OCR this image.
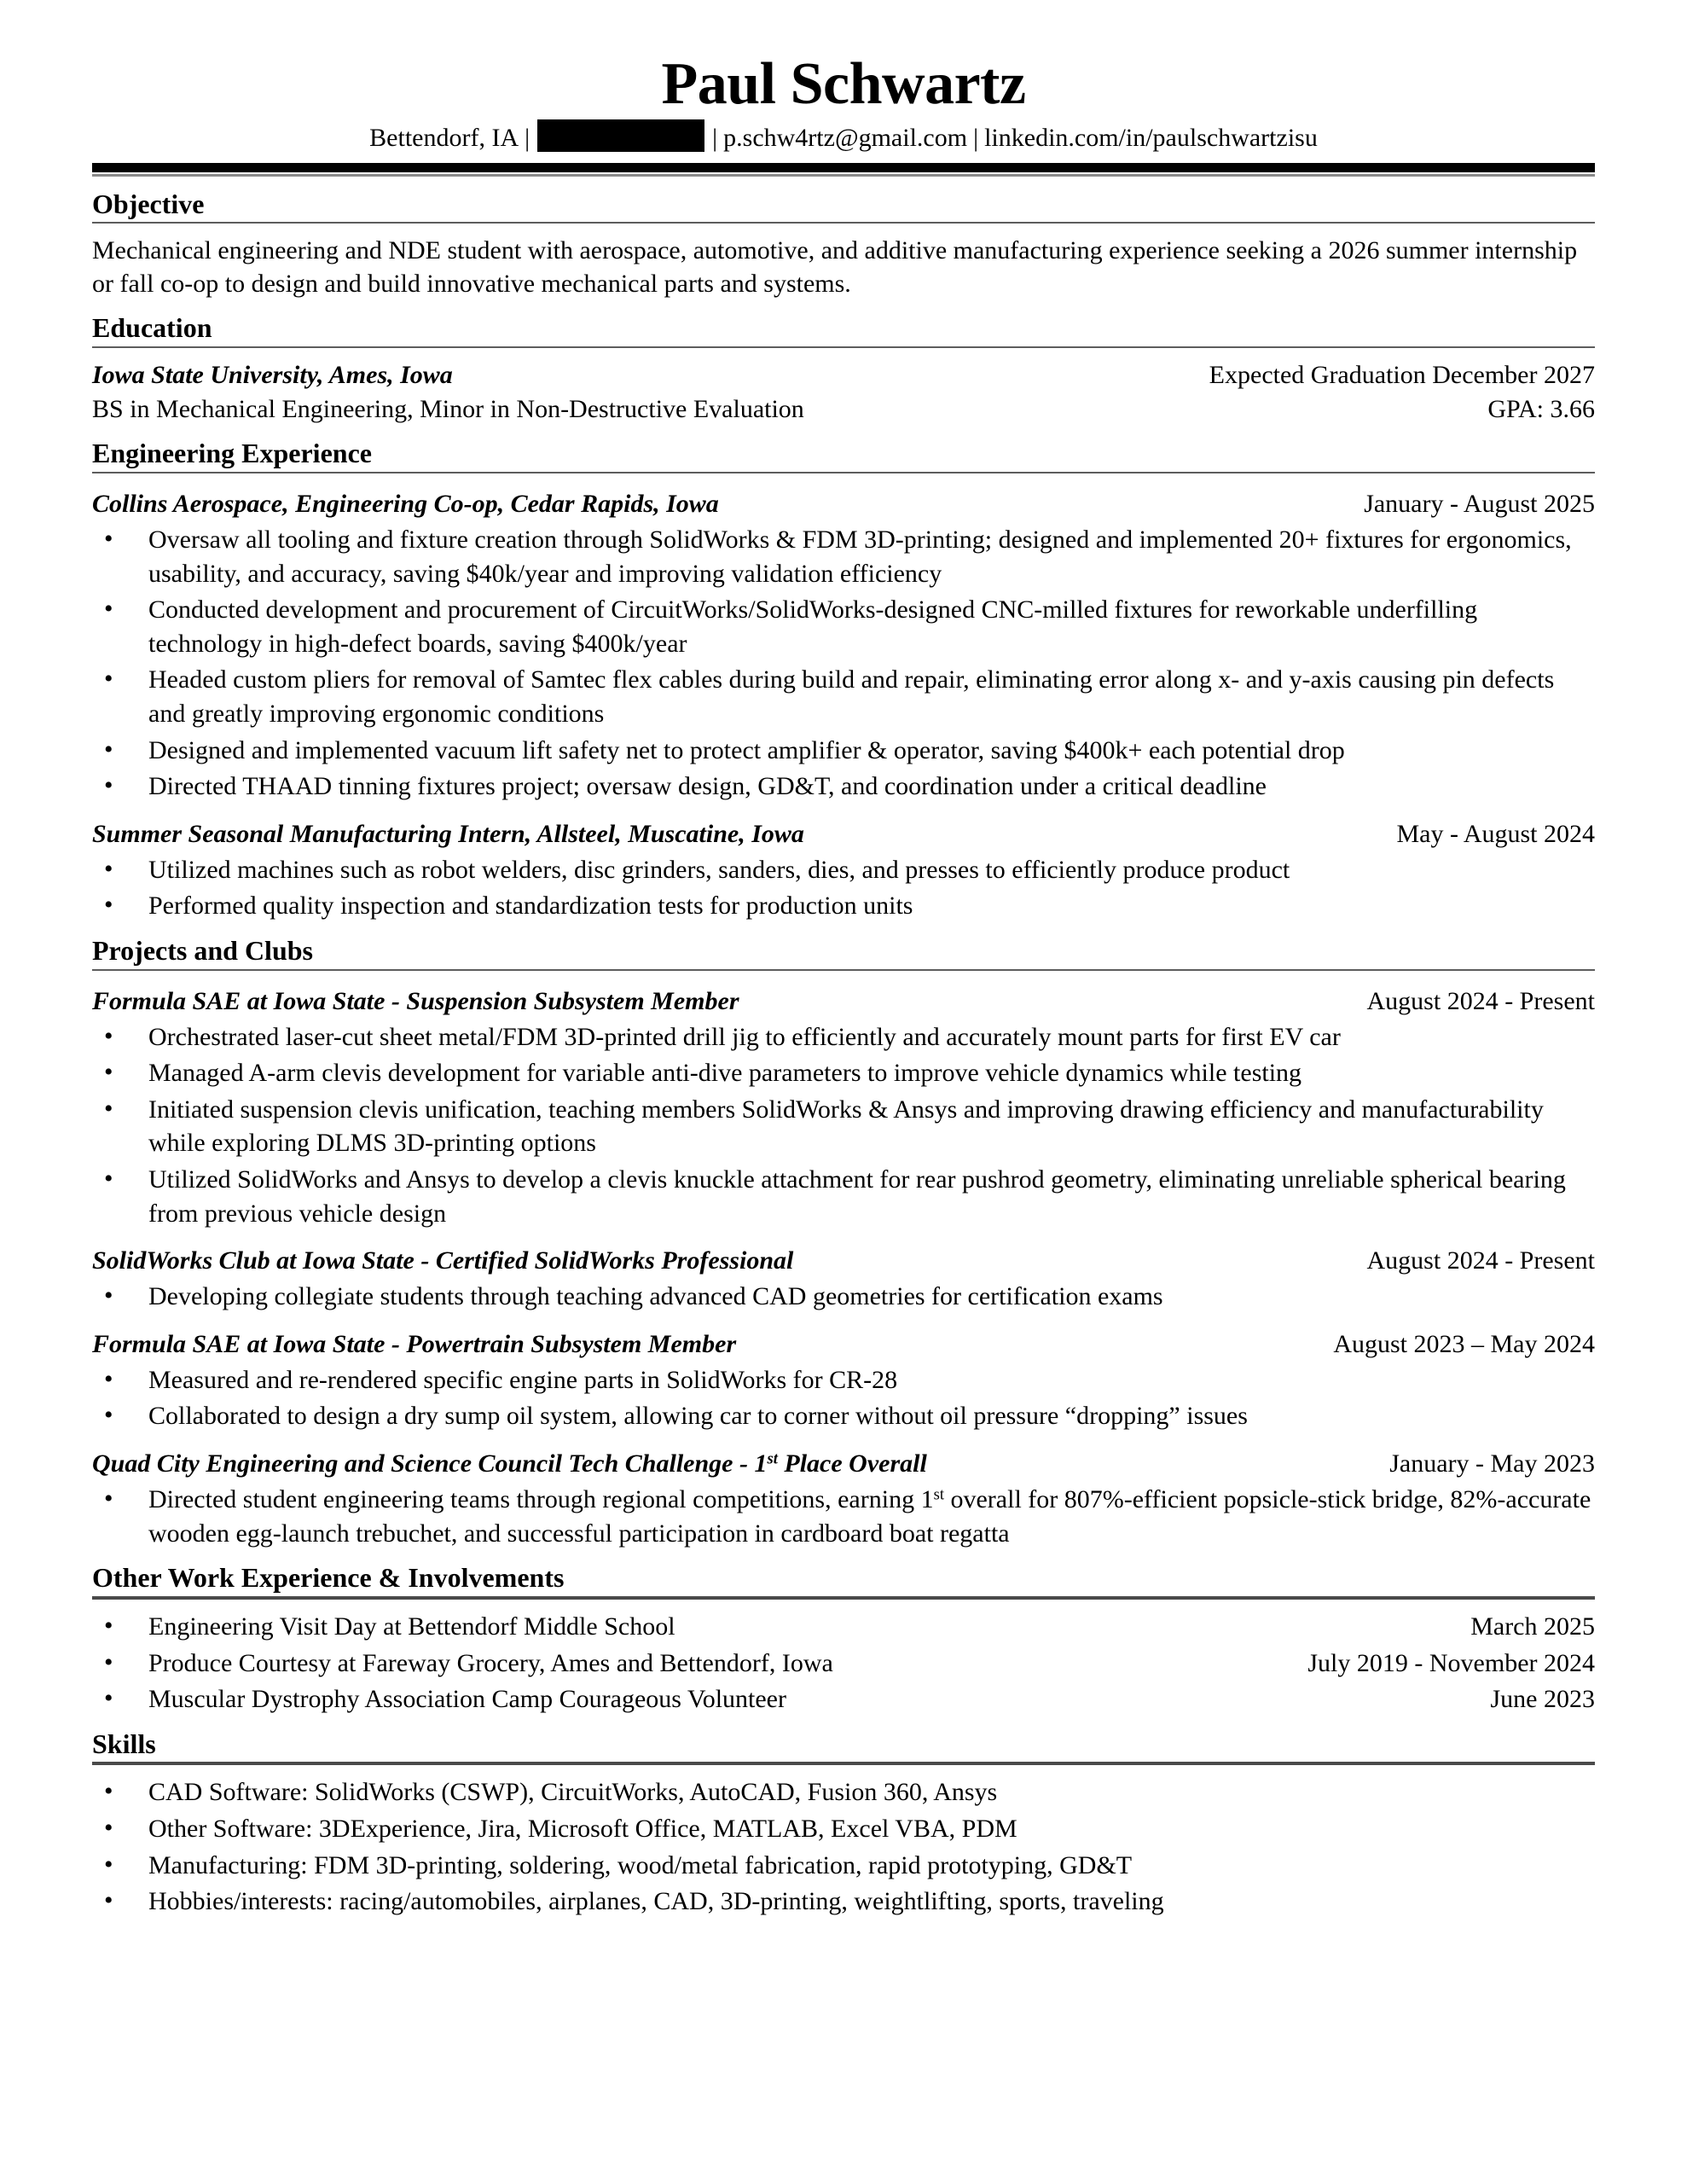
Paul Schwartz
Bettendorf, IA |	| p.schw4rtz@gmail.com | linkedin.com/in/paulschwartzisu
Objective
Mechanical engineering and NDE student with aerospace, automotive, and additive manufacturing experience seeking a 2026 summer internship or fall co-op to design and build innovative mechanical parts and systems.
Education
Iowa State University, Ames, Iowa	Expected Graduation December 2027
BS in Mechanical Engineering, Minor in Non-Destructive Evaluation	GPA: 3.66
Engineering Experience
Collins Aerospace, Engineering Co-op, Cedar Rapids, Iowa	January - August 2025
• Oversaw all tooling and fixture creation through SolidWorks & FDM 3D-printing; designed and implemented 20+ fixtures for ergonomics, usability, and accuracy, saving $40k/year and improving validation efficiency
• Conducted development and procurement of CircuitWorks/SolidWorks-designed CNC-milled fixtures for reworkable underfilling technology in high-defect boards, saving $400k/year
• Headed custom pliers for removal of Samtec flex cables during build and repair, eliminating error along x- and y-axis causing pin defects and greatly improving ergonomic conditions
• Designed and implemented vacuum lift safety net to protect amplifier & operator, saving $400k+ each potential drop
• Directed THAAD tinning fixtures project; oversaw design, GD&T, and coordination under a critical deadline
Summer Seasonal Manufacturing Intern, Allsteel, Muscatine, Iowa	May - August 2024
• Utilized machines such as robot welders, disc grinders, sanders, dies, and presses to efficiently produce product
• Performed quality inspection and standardization tests for production units
Projects and Clubs
Formula SAE at Iowa State - Suspension Subsystem Member	August 2024 - Present
• Orchestrated laser-cut sheet metal/FDM 3D-printed drill jig to efficiently and accurately mount parts for first EV car
• Managed A-arm clevis development for variable anti-dive parameters to improve vehicle dynamics while testing
• Initiated suspension clevis unification, teaching members SolidWorks & Ansys and improving drawing efficiency and manufacturability while exploring DLMS 3D-printing options
• Utilized SolidWorks and Ansys to develop a clevis knuckle attachment for rear pushrod geometry, eliminating unreliable spherical bearing from previous vehicle design
SolidWorks Club at Iowa State - Certified SolidWorks Professional	August 2024 - Present
• Developing collegiate students through teaching advanced CAD geometries for certification exams
Formula SAE at Iowa State - Powertrain Subsystem Member	August 2023 – May 2024
• Measured and re-rendered specific engine parts in SolidWorks for CR-28
• Collaborated to design a dry sump oil system, allowing car to corner without oil pressure “dropping” issues
Quad City Engineering and Science Council Tech Challenge - 1st Place Overall	January - May 2023
• Directed student engineering teams through regional competitions, earning 1st overall for 807%-efficient popsicle-stick bridge, 82%-accurate wooden egg-launch trebuchet, and successful participation in cardboard boat regatta
Other Work Experience & Involvements
• Engineering Visit Day at Bettendorf Middle School	March 2025
• Produce Courtesy at Fareway Grocery, Ames and Bettendorf, Iowa	July 2019 - November 2024
• Muscular Dystrophy Association Camp Courageous Volunteer	June 2023
Skills
• CAD Software: SolidWorks (CSWP), CircuitWorks, AutoCAD, Fusion 360, Ansys
• Other Software: 3DExperience, Jira, Microsoft Office, MATLAB, Excel VBA, PDM
• Manufacturing: FDM 3D-printing, soldering, wood/metal fabrication, rapid prototyping, GD&T
• Hobbies/interests: racing/automobiles, airplanes, CAD, 3D-printing, weightlifting, sports, traveling
